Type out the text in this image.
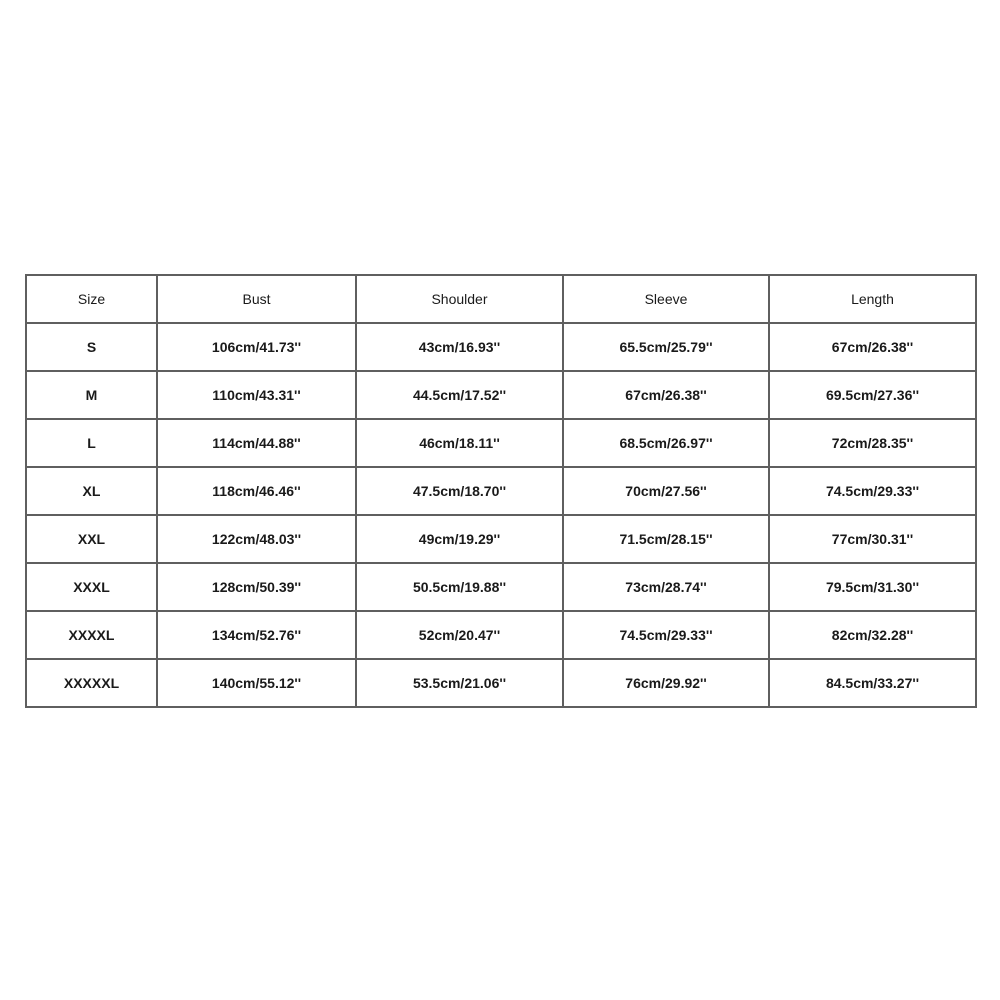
Size	Bust	Shoulder	Sleeve	Length
S	106cm/41.73''	43cm/16.93''	65.5cm/25.79''	67cm/26.38''
M	110cm/43.31''	44.5cm/17.52''	67cm/26.38''	69.5cm/27.36''
L	114cm/44.88''	46cm/18.11''	68.5cm/26.97''	72cm/28.35''
XL	118cm/46.46''	47.5cm/18.70''	70cm/27.56''	74.5cm/29.33''
XXL	122cm/48.03''	49cm/19.29''	71.5cm/28.15''	77cm/30.31''
XXXL	128cm/50.39''	50.5cm/19.88''	73cm/28.74''	79.5cm/31.30''
XXXXL	134cm/52.76''	52cm/20.47''	74.5cm/29.33''	82cm/32.28''
XXXXXL	140cm/55.12''	53.5cm/21.06''	76cm/29.92''	84.5cm/33.27''
